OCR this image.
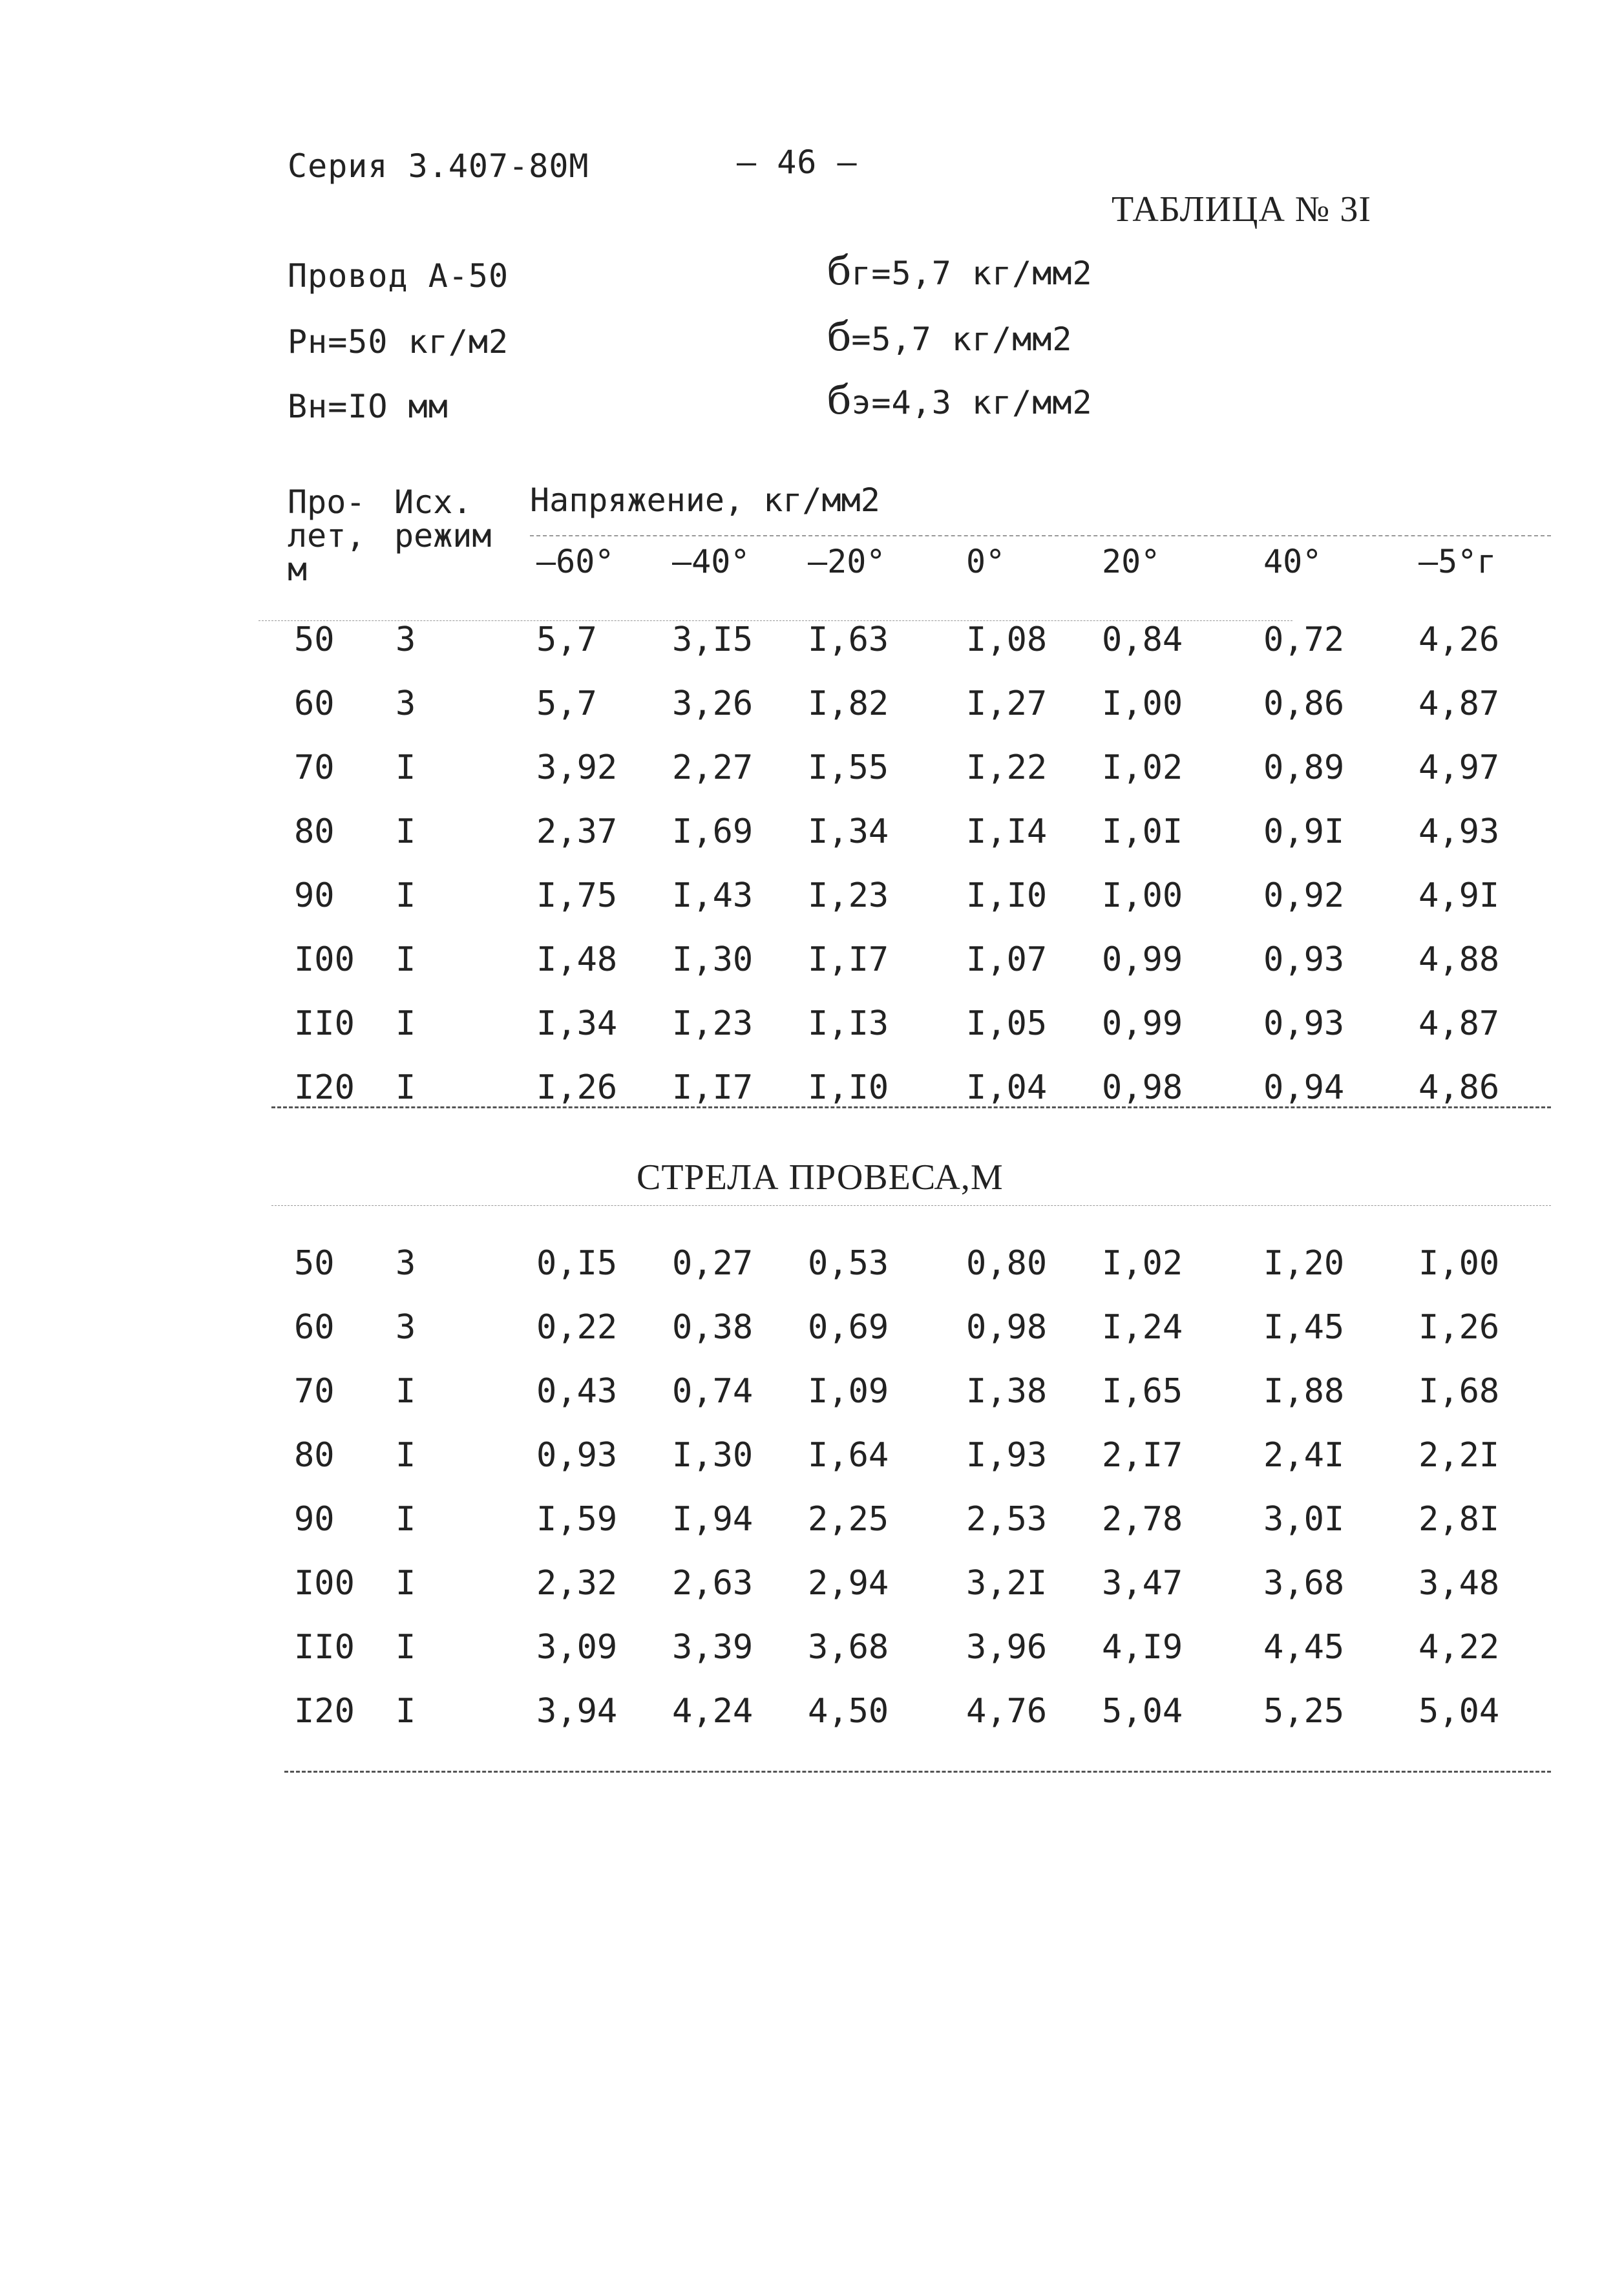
Серия 3.407-80М	– 46 –
ТАБЛИЦА № 3I
Провод А-50
Рн=50 кг/м2
Вн=IO мм
бг=5,7 кг/мм2
б=5,7 кг/мм2
бэ=4,3 кг/мм2
Про-
лет,
м
Исх.
режим
Напряжение, кг/мм2
–60° –40° –20° 0°	20°	40°	–5°г
50 3	5,7 3,I5 I,63 I,08 0,84 0,72 4,26
60 3	5,7 3,26 I,82 I,27 I,00 0,86 4,87
70 I	3,92 2,27 I,55 I,22 I,02 0,89 4,97
80 I	2,37 I,69 I,34 I,I4 I,0I 0,9I 4,93
90 I	I,75 I,43 I,23 I,I0 I,00 0,92 4,9I
I00 I	I,48 I,30 I,I7 I,07 0,99 0,93 4,88
II0 I	I,34 I,23 I,I3 I,05 0,99 0,93 4,87
I20 I	I,26 I,I7 I,I0 I,04 0,98 0,94 4,86
СТРЕЛА ПРОВЕСА,М
50 3	0,I5 0,27 0,53 0,80 I,02 I,20 I,00
60 3	0,22 0,38 0,69 0,98 I,24 I,45 I,26
70 I	0,43 0,74 I,09 I,38 I,65 I,88 I,68
80 I	0,93 I,30 I,64 I,93 2,I7 2,4I 2,2I
90 I	I,59 I,94 2,25 2,53 2,78 3,0I 2,8I
I00 I	2,32 2,63 2,94 3,2I 3,47 3,68 3,48
II0 I	3,09 3,39 3,68 3,96 4,I9 4,45 4,22
I20 I	3,94 4,24 4,50 4,76 5,04 5,25 5,04
